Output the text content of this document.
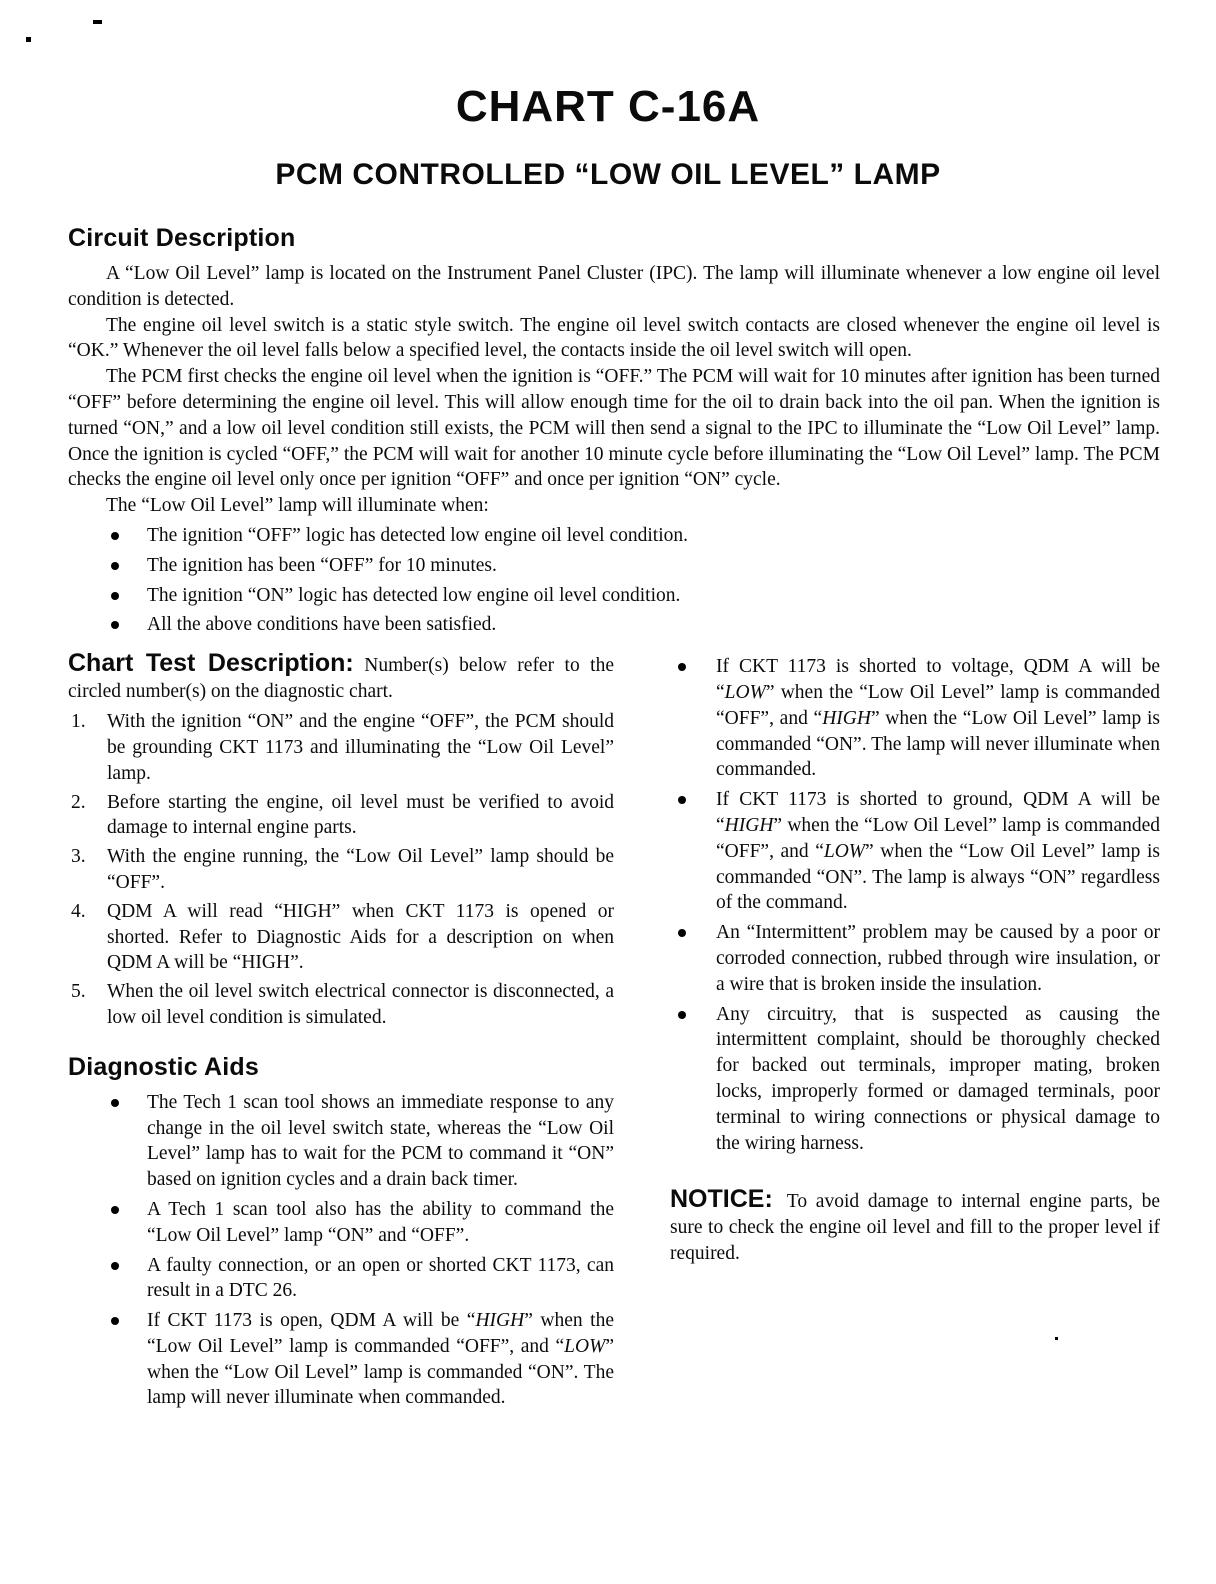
CHART C-16A
PCM CONTROLLED “LOW OIL LEVEL” LAMP
Circuit Description

A “Low Oil Level” lamp is located on the Instrument Panel Cluster (IPC). The lamp will illuminate whenever a low engine oil level condition is detected.

The engine oil level switch is a static style switch. The engine oil level switch contacts are closed whenever the engine oil level is “OK.” Whenever the oil level falls below a specified level, the contacts inside the oil level switch will open.

The PCM first checks the engine oil level when the ignition is “OFF.” The PCM will wait for 10 minutes after ignition has been turned “OFF” before determining the engine oil level. This will allow enough time for the oil to drain back into the oil pan. When the ignition is turned “ON,” and a low oil level condition still exists, the PCM will then send a signal to the IPC to illuminate the “Low Oil Level” lamp. Once the ignition is cycled “OFF,” the PCM will wait for another 10 minute cycle before illuminating the “Low Oil Level” lamp. The PCM checks the engine oil level only once per ignition “OFF” and once per ignition “ON” cycle.

The “Low Oil Level” lamp will illuminate when:

The ignition “OFF” logic has detected low engine oil level condition.
The ignition has been “OFF” for 10 minutes.
The ignition “ON” logic has detected low engine oil level condition.
All the above conditions have been satisfied.

Chart Test Description: Number(s) below refer to the circled number(s) on the diagnostic chart.

1. With the ignition “ON” and the engine “OFF”, the PCM should be grounding CKT 1173 and illuminating the “Low Oil Level” lamp.
2. Before starting the engine, oil level must be verified to avoid damage to internal engine parts.
3. With the engine running, the “Low Oil Level” lamp should be “OFF”.
4. QDM A will read “HIGH” when CKT 1173 is opened or shorted. Refer to Diagnostic Aids for a description on when QDM A will be “HIGH”.
5. When the oil level switch electrical connector is disconnected, a low oil level condition is simulated.
Diagnostic Aids
The Tech 1 scan tool shows an immediate response to any change in the oil level switch state, whereas the “Low Oil Level” lamp has to wait for the PCM to command it “ON” based on ignition cycles and a drain back timer.
A Tech 1 scan tool also has the ability to command the “Low Oil Level” lamp “ON” and “OFF”.
A faulty connection, or an open or shorted CKT 1173, can result in a DTC 26.
If CKT 1173 is open, QDM A will be “HIGH” when the “Low Oil Level” lamp is commanded “OFF”, and “LOW” when the “Low Oil Level” lamp is commanded “ON”. The lamp will never illuminate when commanded.
If CKT 1173 is shorted to voltage, QDM A will be “LOW” when the “Low Oil Level” lamp is commanded “OFF”, and “HIGH” when the “Low Oil Level” lamp is commanded “ON”. The lamp will never illuminate when commanded.
If CKT 1173 is shorted to ground, QDM A will be “HIGH” when the “Low Oil Level” lamp is commanded “OFF”, and “LOW” when the “Low Oil Level” lamp is commanded “ON”. The lamp is always “ON” regardless of the command.
An “Intermittent” problem may be caused by a poor or corroded connection, rubbed through wire insulation, or a wire that is broken inside the insulation.
Any circuitry, that is suspected as causing the intermittent complaint, should be thoroughly checked for backed out terminals, improper mating, broken locks, improperly formed or damaged terminals, poor terminal to wiring connections or physical damage to the wiring harness.

NOTICE: To avoid damage to internal engine parts, be sure to check the engine oil level and fill to the proper level if required.
